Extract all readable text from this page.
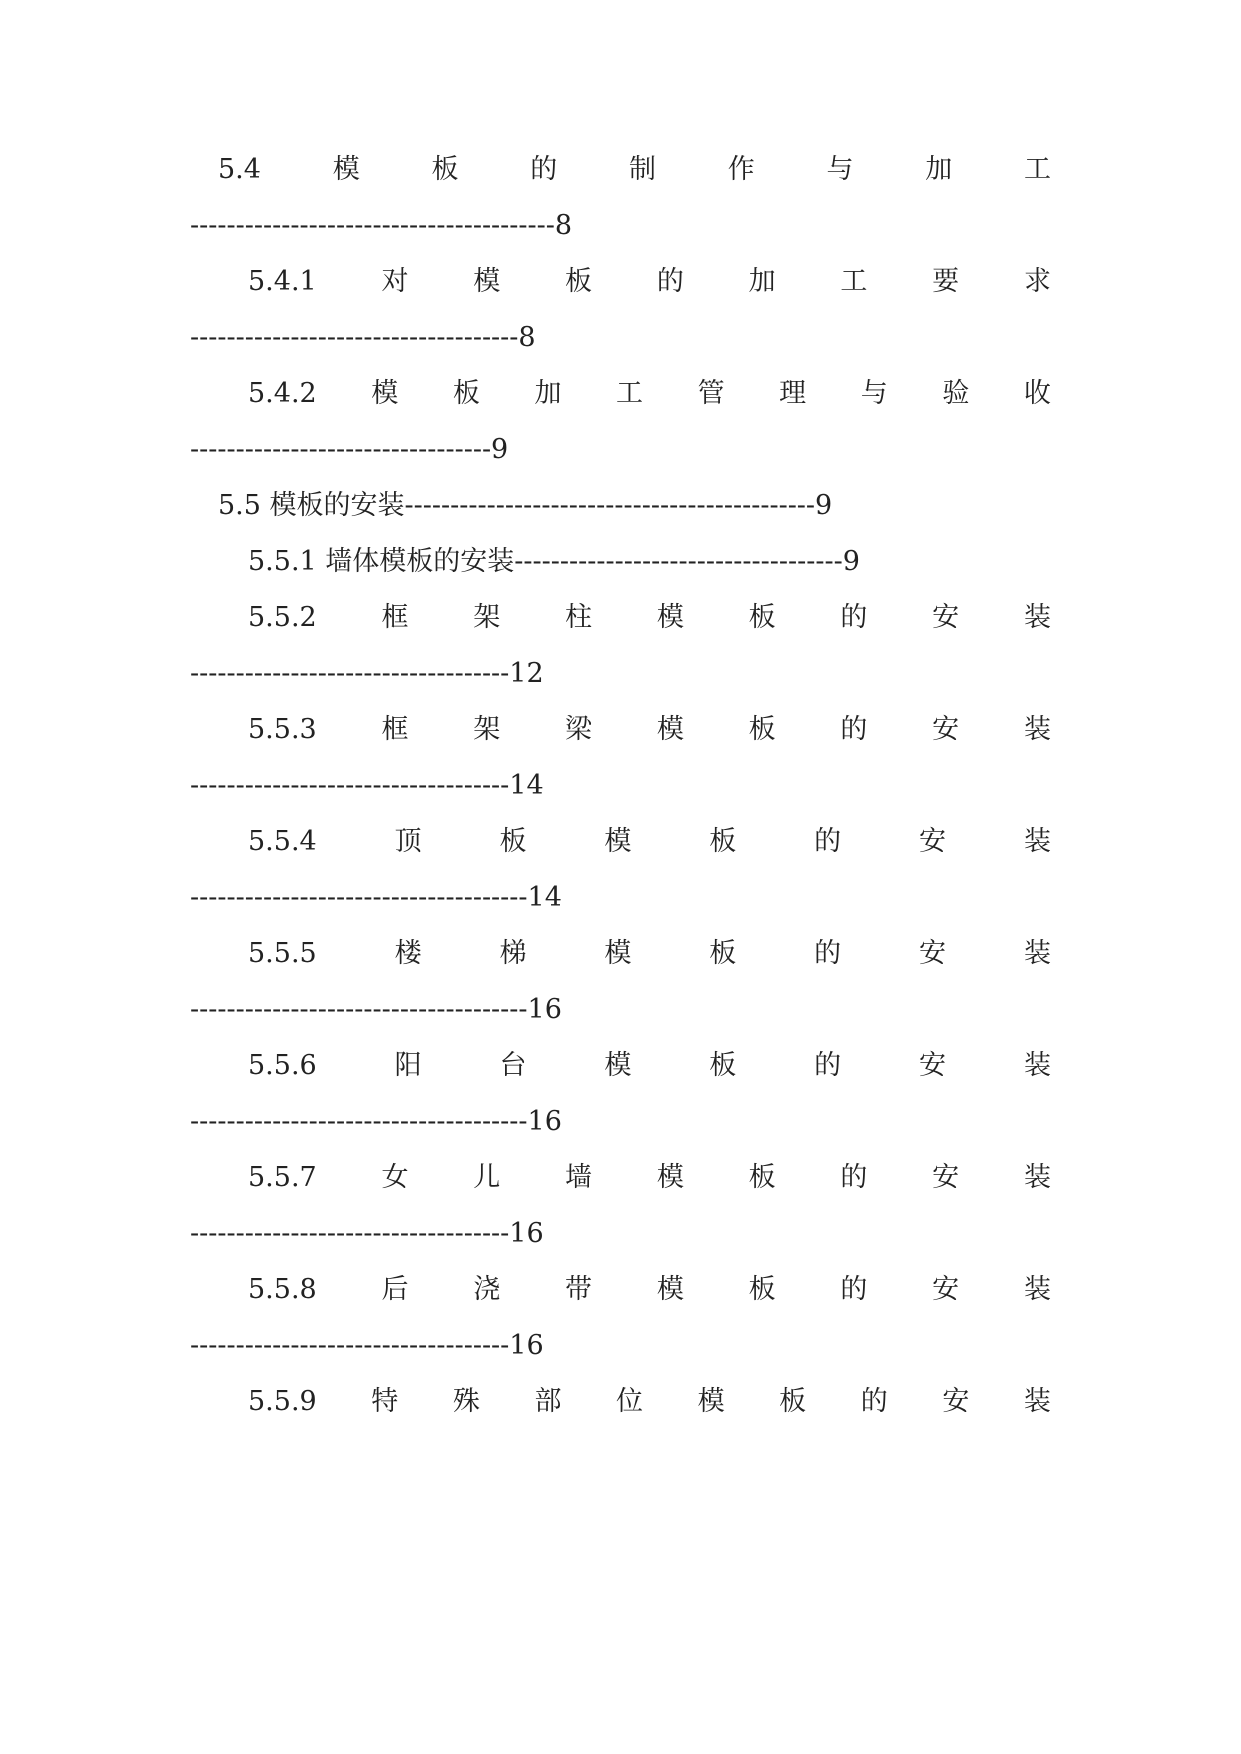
5.4	模	板	的	制	作	与	加	工
----------------------------------------8
5.4.1 对 模 板 的 加 工 要 求
------------------------------------8
5.4.2 模 板 加 工 管 理 与 验 收
---------------------------------9
5.5 模板的安装---------------------------------------------9
5.5.1 墙体模板的安装------------------------------------9
5.5.2 框 架 柱 模 板 的 安 装
-----------------------------------12
5.5.3 框 架 梁 模 板 的 安 装
-----------------------------------14
5.5.4	顶	板	模	板	的	安	装
-------------------------------------14
5.5.5	楼	梯	模	板	的	安	装
-------------------------------------16
5.5.6	阳	台	模	板	的	安	装
-------------------------------------16
5.5.7 女 儿 墙 模 板 的 安 装
-----------------------------------16
5.5.8 后 浇 带 模 板 的 安 装
-----------------------------------16
5.5.9 特 殊 部 位 模 板 的 安 装
